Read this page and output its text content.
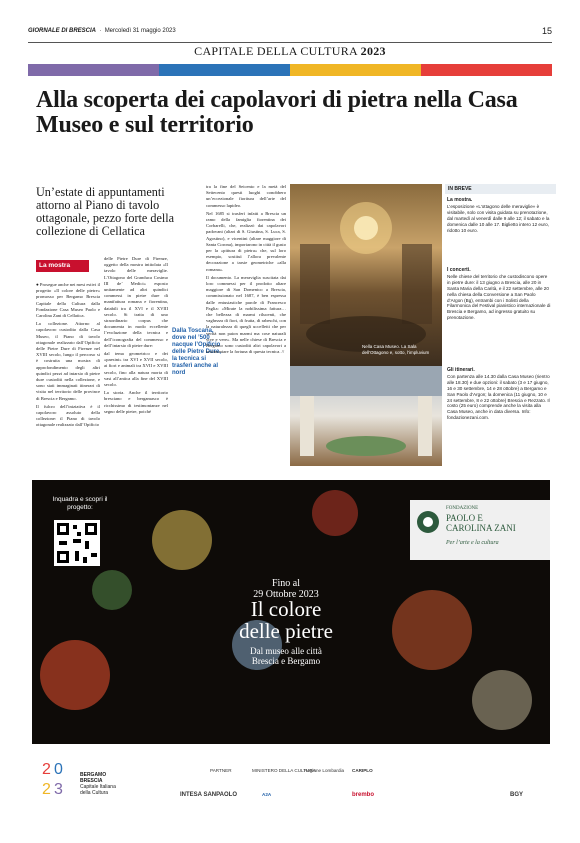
GIORNALE DI BRESCIA  ·  Mercoledì 31 maggio 2023	15
CAPITALE DELLA CULTURA 2023
Alla scoperta dei capolavori di pietra nella Casa Museo e sul territorio
Un’estate di appuntamenti attorno al Piano di tavolo ottagonale, pezzo forte della collezione di Cellatica
La mostra

● Prosegue anche nei mesi estivi il progetto «Il colore delle pietre» promosso per Bergamo Brescia Capitale della Cultura dalla Fondazione Casa Museo Paolo e Carolina Zani di Cellatica.

La collezione. Attorno al capolavoro custodito dalla Casa Museo, il Piano di tavolo ottagonale realizzato dall’Opificio delle Pietre Dure di Firenze nel XVIII secolo, lungo il percorso si è costruita una mostra di approfondimento degli altri quindici pezzi ad intarsio di pietre dure custoditi nella collezione, e sono stati immaginati itinerari di visita nel territorio delle province di Brescia e Bergamo.

Il fulcro dell’iniziativa è il capolavoro assoluto della collezione: il Piano di tavolo ottagonale realizzato dall’Opificio

delle Pietre Dure di Firenze, oggetto della mostra intitolata «Il tavolo delle meraviglie. L’Ottagono del Granduca Cosimo III de’ Medici» esposto unitamente ad altri quindici commessi in pietre dure di manifattura romana e fiorentina, databili tra il XVI e il XVIII secolo. Si tratta di uno straordinario corpus che documenta in modo eccellente l’evoluzione della tecnica e dell’iconografia del commesso e dell’intarsio di pietre dure:

dal tema geometrico e dei «paesini» tra XVI e XVII secolo, ai fiori e animali tra XVII e XVIII secolo, fino alla natura morta di vasi all’antica alla fine del XVIII secolo.

La storia. Anche il territorio bresciano e bergamasco è ricchissimo di testimonianze nel segno delle pietre, poiché

Dalla Toscana, dove nel ’500 nacque l’Opificio delle Pietre Dure, la tecnica si trasferì anche al nord

tra la fine del Seicento e la metà del Settecento questi luoghi conobbero un’eccezionale fioritura dell’arte del commesso lapideo.

Nel 1685 si trasferì infatti a Brescia un ramo della famiglia fiorentina dei Corbarelli, che, realizzò dai capolavori padovani (altari di S. Giustina, S. Luca, S. Agostino), e vicentini (altare maggiore di Santa Corona), importarono in città il gusto per la «pittura di pietra» che, sul loro esempio, sostituì l’allora prevalente decorazione a tarsie geometriche «alla romana».

Il documento. La meraviglia suscitata dai loro commessi per il prodotto altare maggiore di San Domenico a Brescia, commissionato nel 1687, è ben espressa dalle entusiastiche parole di Francesco Paglia: «Mirate la nobilissima fattura… che bellezza di marmi rilucenti, che vaghezza di fiori, di frutta, di rabeschi, con la naturalezza di quegli uccelletti che per verità non paion marmi ma cose naturali vive e vere». Ma nelle chiese di Brescia e Bergamo sono custoditi altri capolavori a testimoniare la fortuna di questa tecnica. //

Nella Casa Museo. La Sala dell’Ottagono e, sotto, l’impluvium
IN BREVE
La mostra.
L’esposizione «L’ottagono delle meraviglie» è visitabile, solo con visita guidata su prenotazione, dal martedì al venerdì dalle 9 alle 12; il sabato e la domenica dalle 10 alle 17. Biglietto intero 12 euro, ridotto 10 euro.
I concerti.
Nelle chiese del territorio che custodiscono opere in pietre dure: il 13 giugno a Brescia, alle 20 in Santa Maria della Carità, e il 22 settembre, alle 20 nella chiesa della Conversione a San Paolo d’Argon (Bg), entrambi con i Solisti della Filarmonica del Festival pianistico internazionale di Brescia e Bergamo, ad ingresso gratuito su prenotazione.
Gli itinerari.
Con partenza alle 14.30 dalla Casa Museo (rientro alle 18.30) e due opzioni: il sabato (3 e 17 giugno, 16 e 30 settembre, 14 e 28 ottobre) a Bergamo e San Paolo d’Argon; la domenica (11 giugno, 10 e 24 settembre, 8 e 22 ottobre) Brescia e Rezzato. Il costo (25 euro) comprende anche la visita alla Casa Museo, anche in data diversa. Info: fondazionezani.com.
Inquadra e scopri il progetto:	FONDAZIONE
PAOLO E
CAROLINA ZANI
Per l’arte e la cultura
Fino al
29 Ottobre 2023
Il colore
delle pietre
Dal museo alle città
Brescia e Bergamo
2 0
2 3
BERGAMO
BRESCIA
Capitale Italiana
della Cultura
PARTNER	MINISTERO DELLA CULTURA
Regione Lombardia CARIPLO
INTESA SANPAOLO	A2A	brembo	BGY
